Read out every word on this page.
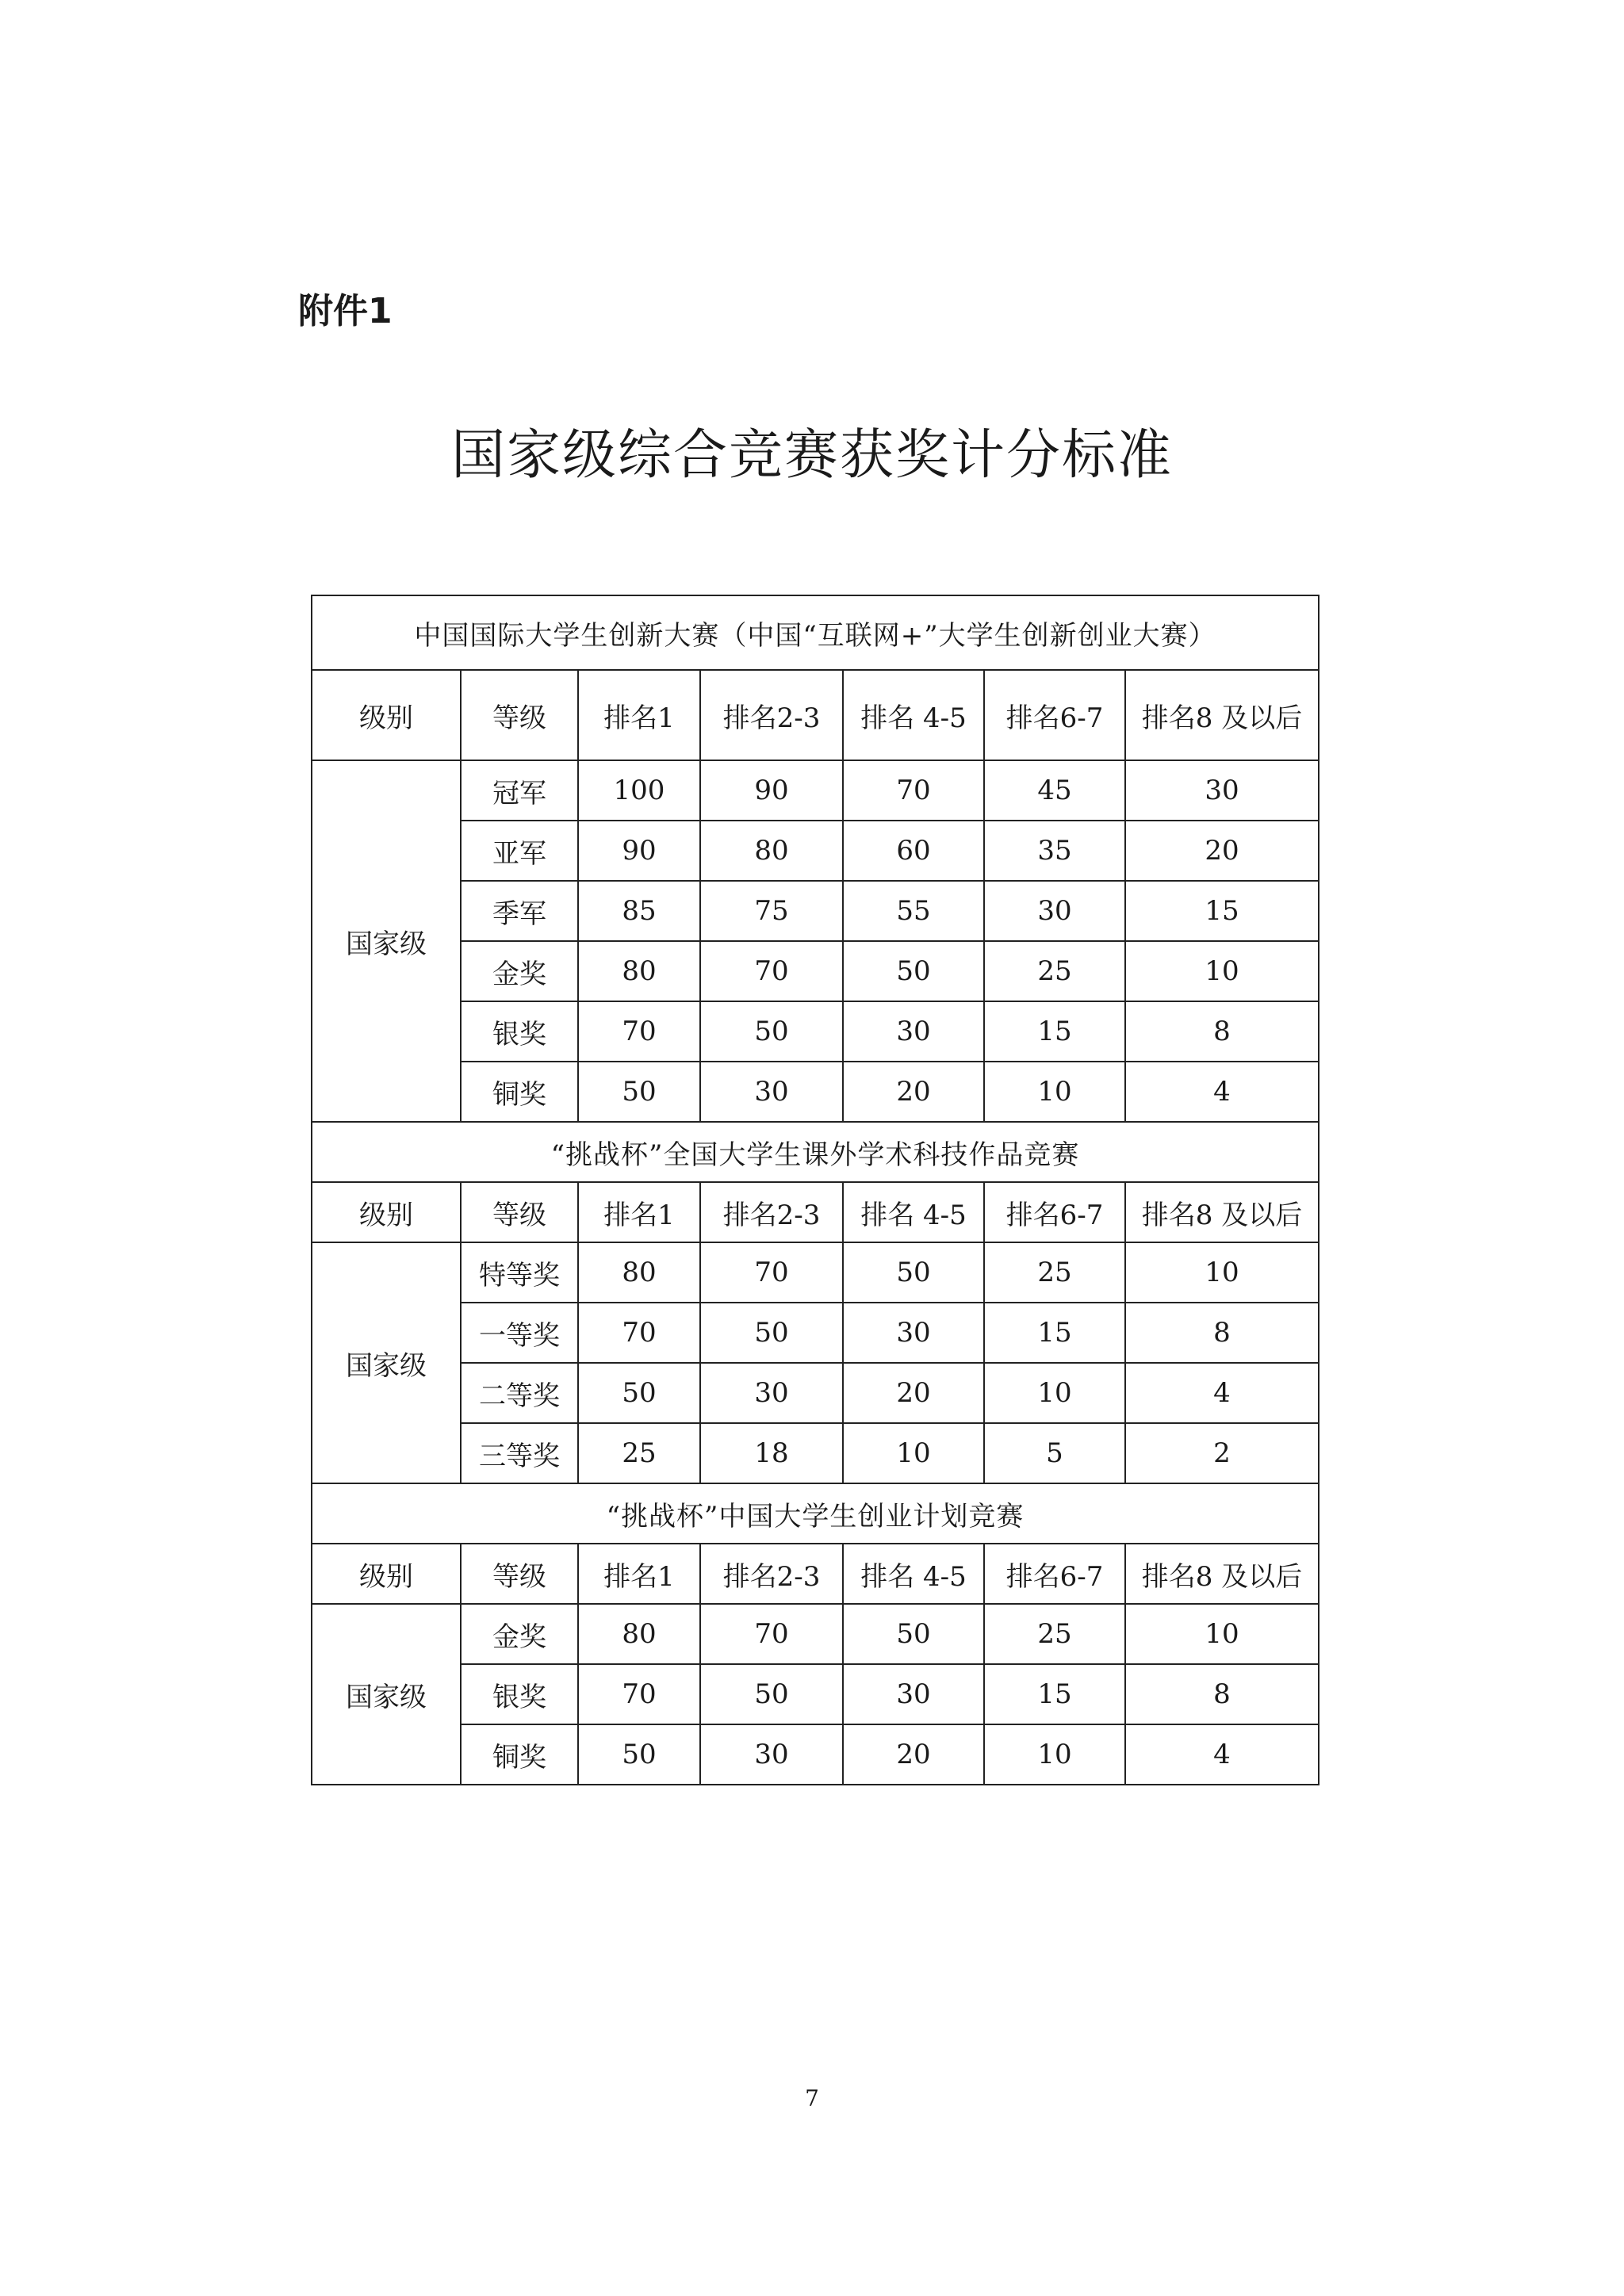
附件1
国家级综合竞赛获奖计分标准
中国国际大学生创新大赛（中国“互联网+”大学生创新创业大赛）						
级别	等级	排名1	排名2-3	排名 4-5	排名6-7	排名8 及以后
国家级	冠军	100	90	70	45	30
	亚军	90	80	60	35	20
	季军	85	75	55	30	15
	金奖	80	70	50	25	10
	银奖	70	50	30	15	8
	铜奖	50	30	20	10	4
“挑战杯”全国大学生课外学术科技作品竞赛						
级别	等级	排名1	排名2-3	排名 4-5	排名6-7	排名8 及以后
国家级	特等奖	80	70	50	25	10
	一等奖	70	50	30	15	8
	二等奖	50	30	20	10	4
	三等奖	25	18	10	5	2
“挑战杯”中国大学生创业计划竞赛						
级别	等级	排名1	排名2-3	排名 4-5	排名6-7	排名8 及以后
国家级	金奖	80	70	50	25	10
	银奖	70	50	30	15	8
	铜奖	50	30	20	10	4
7
